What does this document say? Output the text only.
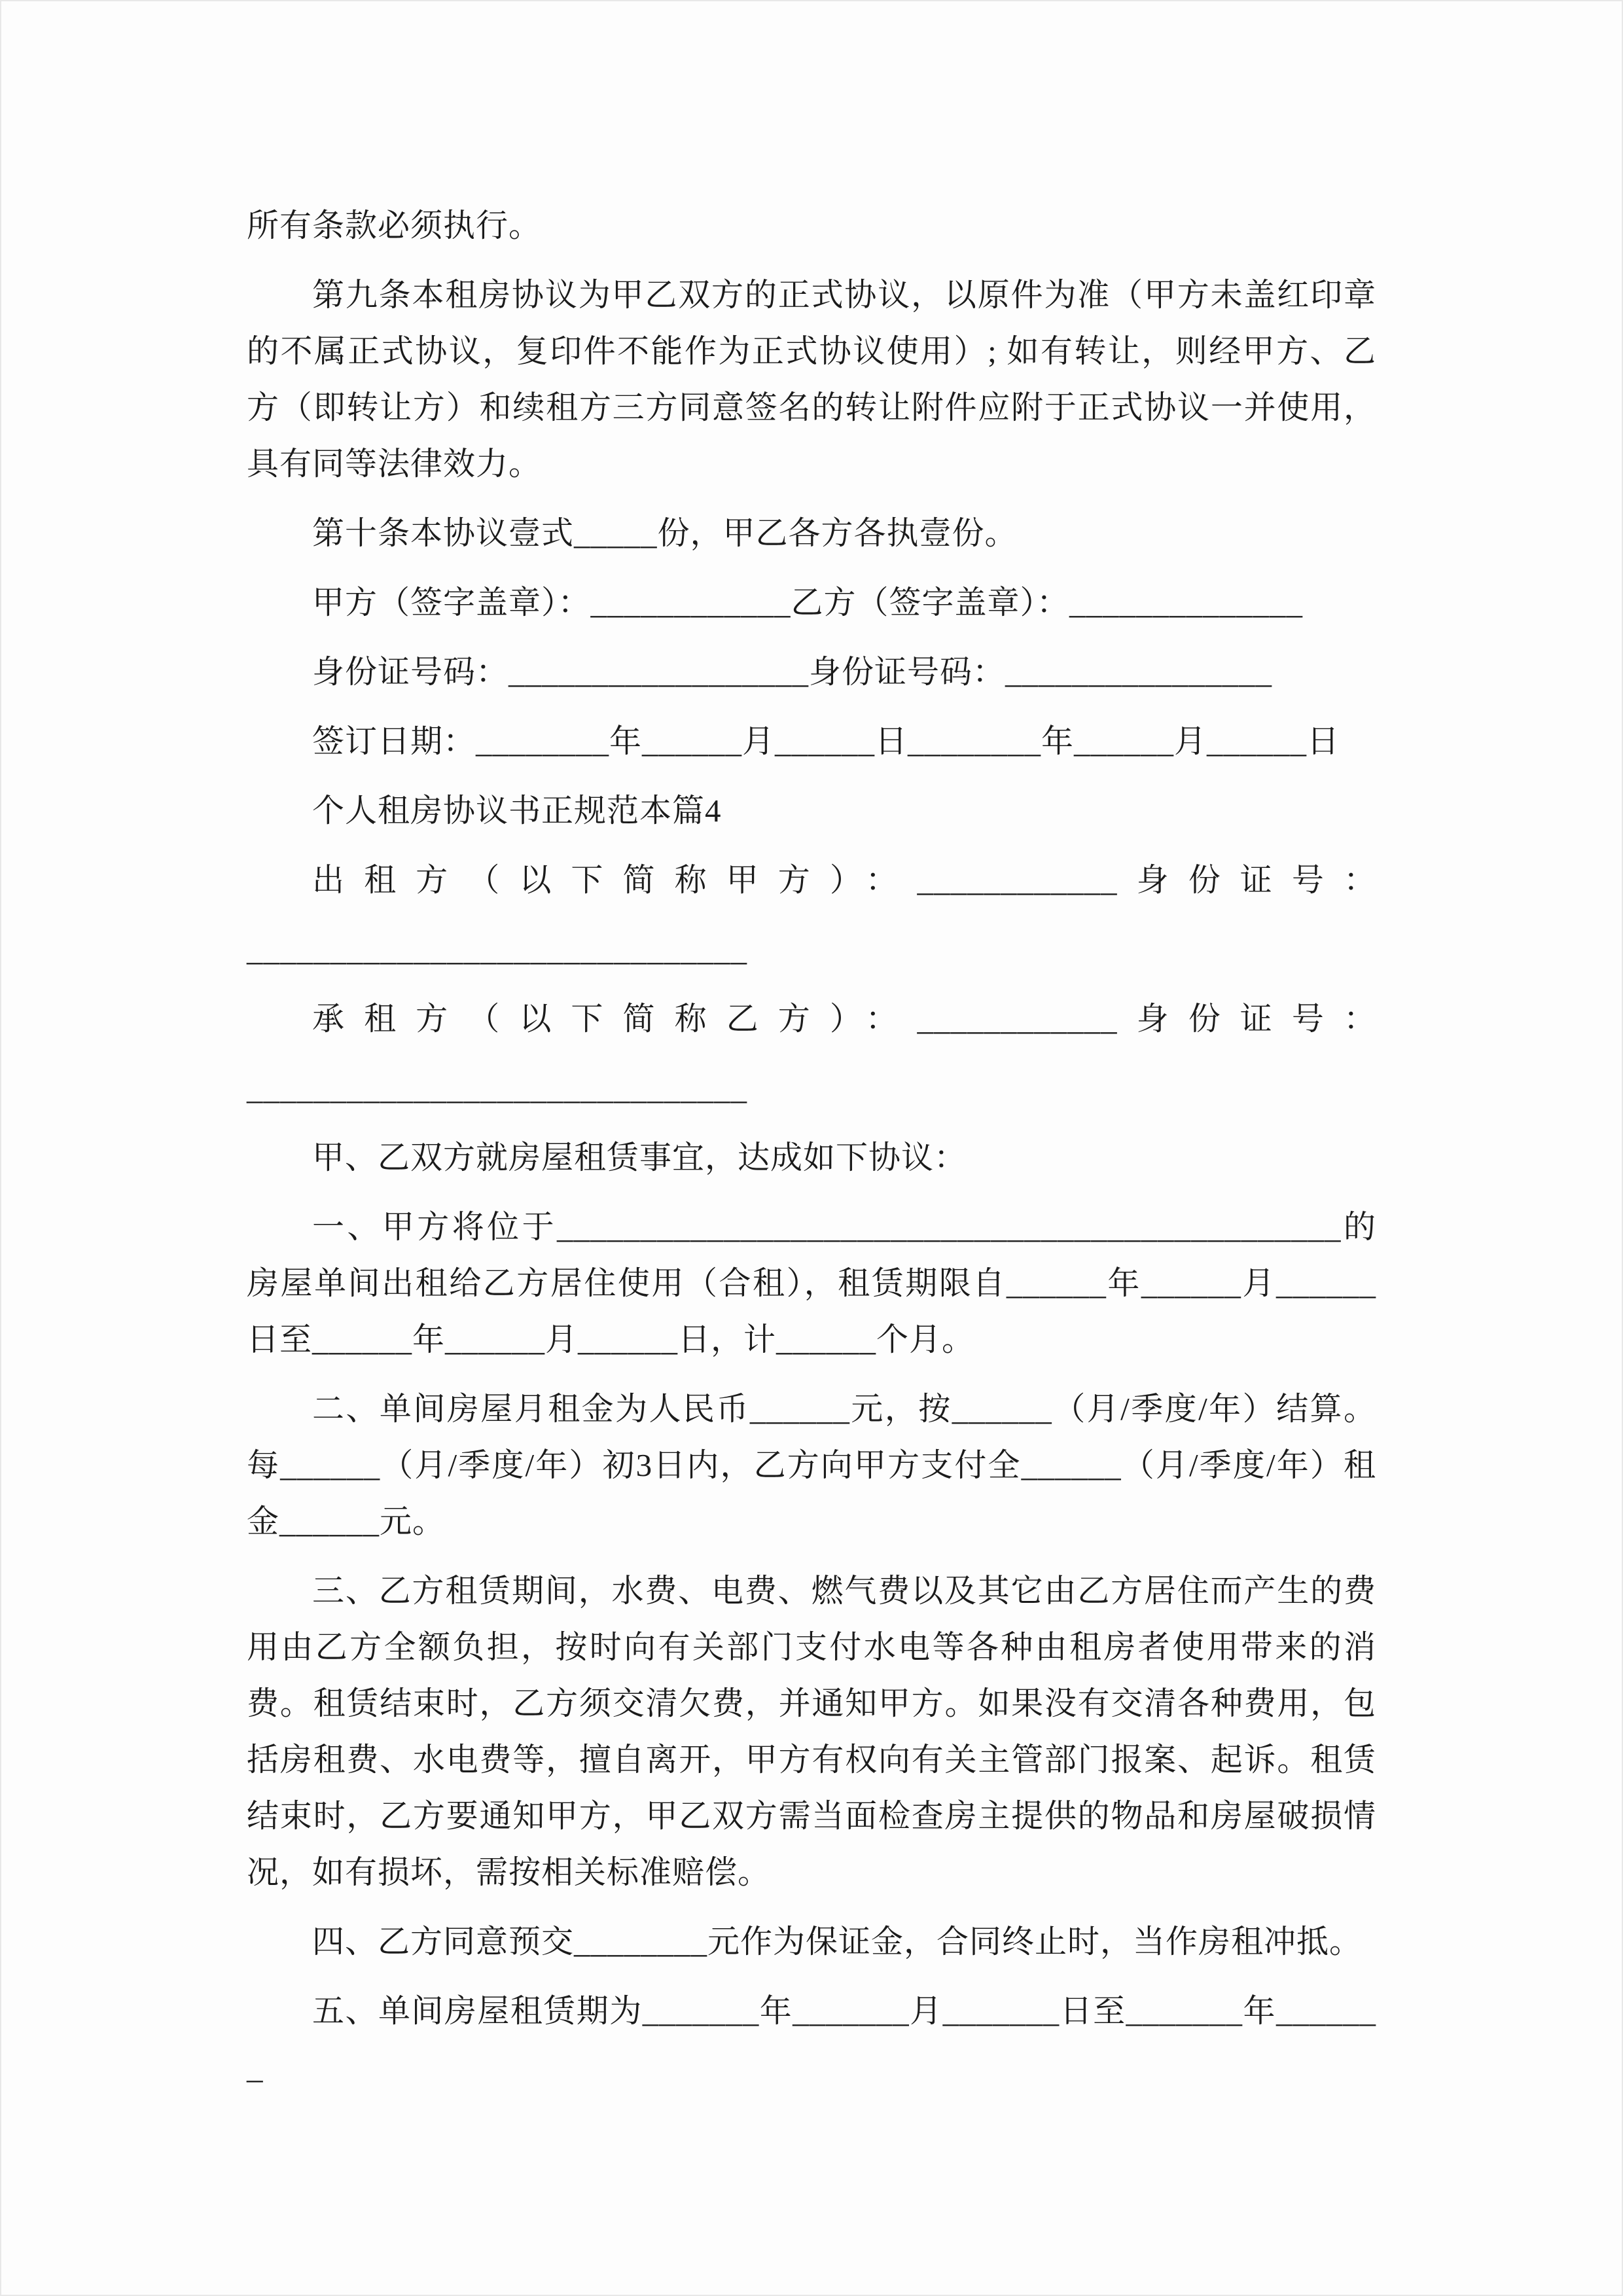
所有条款必须执行。

第九条本租房协议为甲乙双方的正式协议，以原件为准（甲方未盖红印章的不属正式协议，复印件不能作为正式协议使用）; 如有转让，则经甲方、乙方（即转让方）和续租方三方同意签名的转让附件应附于正式协议一并使用，具有同等法律效力。

第十条本协议壹式_____份，甲乙各方各执壹份。

甲方（签字盖章）：____________乙方（签字盖章）：______________

身份证号码：__________________身份证号码：________________

签订日期：________年______月______日________年______月______日

个人租房协议书正规范本篇4

出租方（以下简称甲方）：____________身份证号：

______________________________

承租方（以下简称乙方）：____________身份证号：

______________________________

甲、乙双方就房屋租赁事宜，达成如下协议：

一、甲方将位于_______________________________________________的房屋单间出租给乙方居住使用（合租），租赁期限自______年______月______日至______年______月______日，计______个月。

二、单间房屋月租金为人民币______元，按______（月/季度/年）结算。每______（月/季度/年）初3日内，乙方向甲方支付全______（月/季度/年）租金______元。

三、乙方租赁期间，水费、电费、燃气费以及其它由乙方居住而产生的费用由乙方全额负担，按时向有关部门支付水电等各种由租房者使用带来的消费。租赁结束时，乙方须交清欠费，并通知甲方。如果没有交清各种费用，包括房租费、水电费等，擅自离开，甲方有权向有关主管部门报案、起诉。租赁结束时，乙方要通知甲方，甲乙双方需当面检查房主提供的物品和房屋破损情况，如有损坏，需按相关标准赔偿。

四、乙方同意预交________元作为保证金，合同终止时，当作房租冲抵。

五、单间房屋租赁期为_______年_______月_______日至_______年_______
